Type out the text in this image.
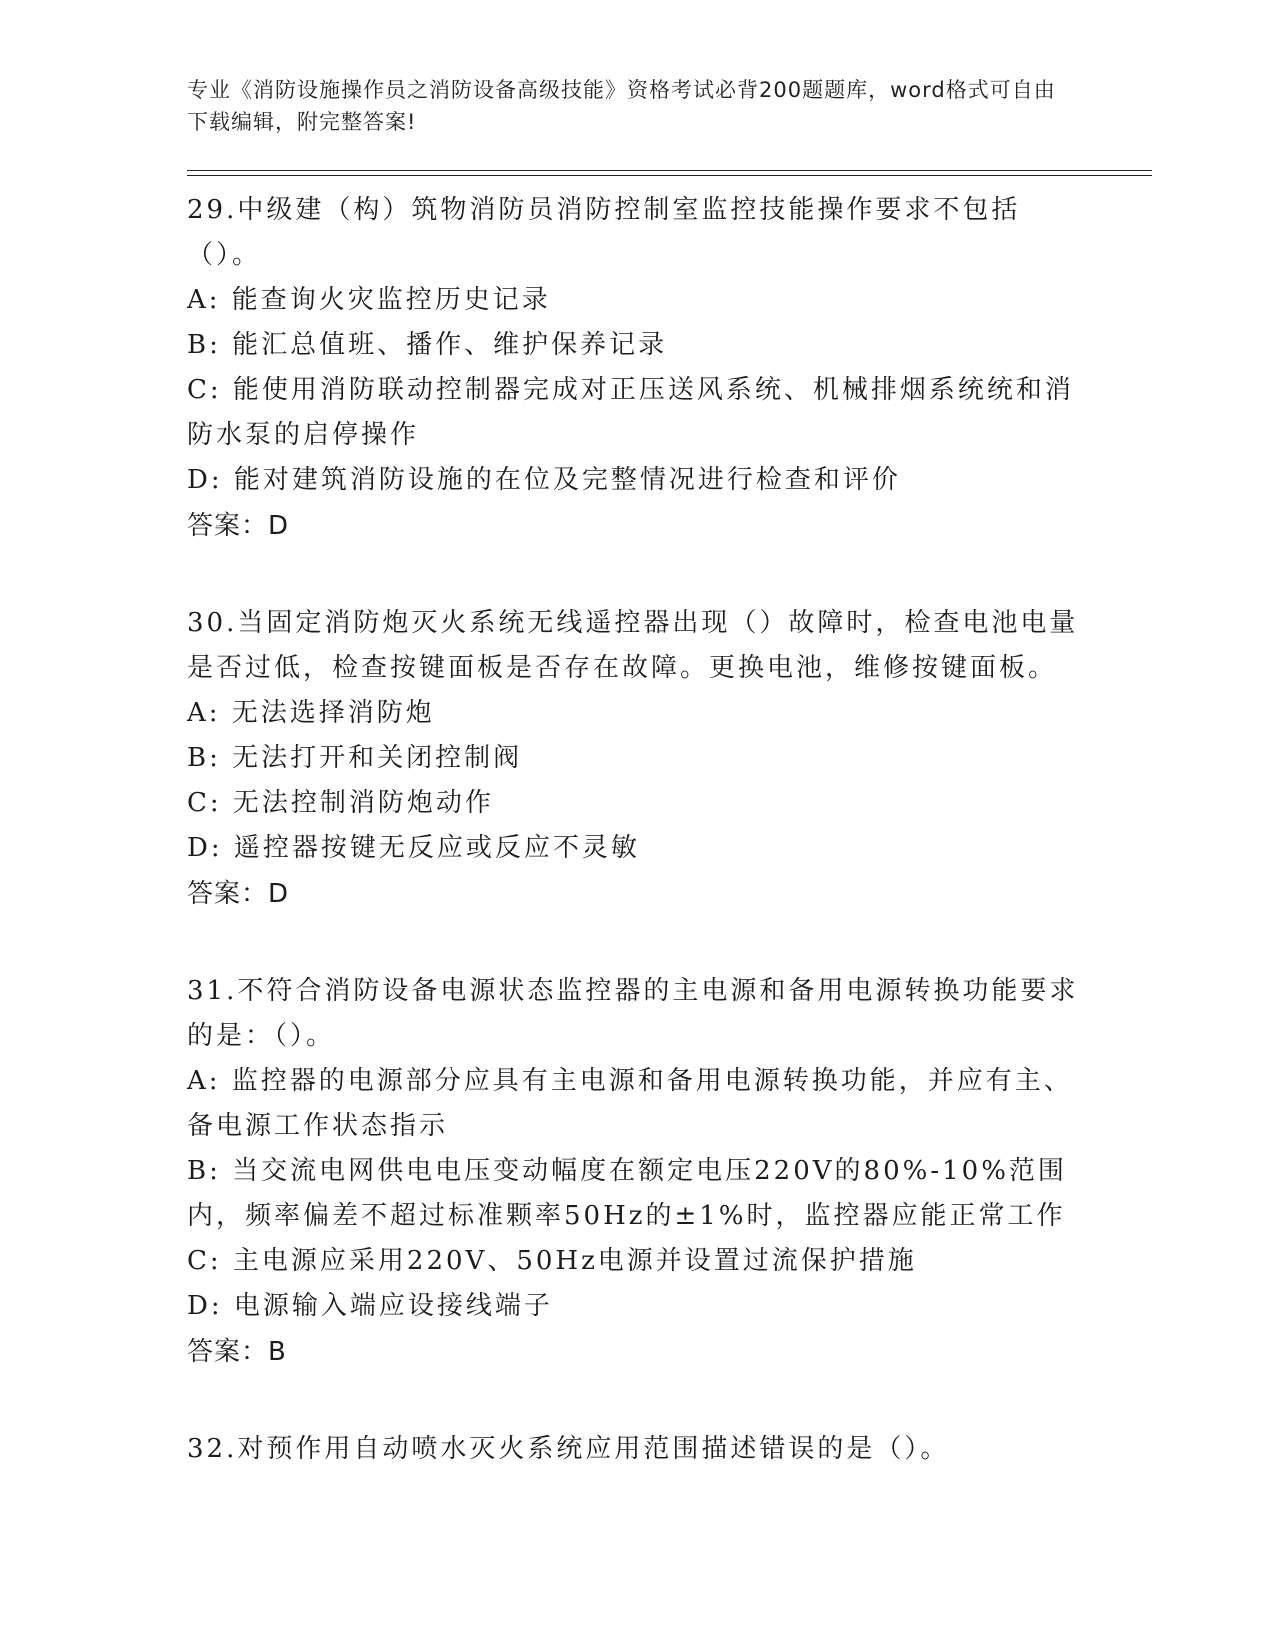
专业《消防设施操作员之消防设备高级技能》资格考试必背200题题库，word格式可自由下载编辑，附完整答案!
29.中级建（构）筑物消防员消防控制室监控技能操作要求不包括（）。
A: 能查询火灾监控历史记录
B: 能汇总值班、播作、维护保养记录
C: 能使用消防联动控制器完成对正压送风系统、机械排烟系统统和消防水泵的启停操作
D: 能对建筑消防设施的在位及完整情况进行检查和评价
答案：D
30.当固定消防炮灭火系统无线遥控器出现（）故障时，检查电池电量是否过低，检查按键面板是否存在故障。更换电池，维修按键面板。
A: 无法选择消防炮
B: 无法打开和关闭控制阀
C: 无法控制消防炮动作
D: 遥控器按键无反应或反应不灵敏
答案：D
31.不符合消防设备电源状态监控器的主电源和备用电源转换功能要求的是：（）。
A: 监控器的电源部分应具有主电源和备用电源转换功能，并应有主、备电源工作状态指示
B: 当交流电网供电电压变动幅度在额定电压220V的80%-10%范围内，频率偏差不超过标准颗率50Hz的±1%时，监控器应能正常工作
C: 主电源应采用220V、50Hz电源并设置过流保护措施
D: 电源输入端应设接线端子
答案：B
32.对预作用自动喷水灭火系统应用范围描述错误的是（）。
